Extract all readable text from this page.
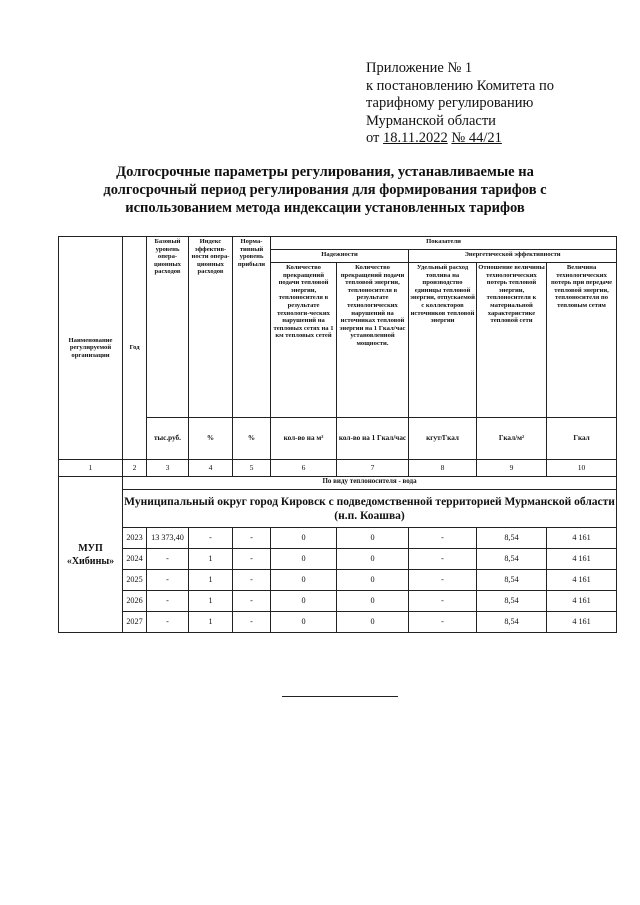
Приложение № 1
к постановлению Комитета по
тарифному регулированию
Мурманской области
от 18.11.2022 № 44/21
Долгосрочные параметры регулирования, устанавливаемые на
долгосрочный период регулирования для формирования тарифов с
использованием метода индексации установленных тарифов
Наименование регулируемой организации	Год	Базовый уровень опера-ционных расходов	Индекс эффектив-ности опера-ционных расходов	Норма-тивный уровень прибыли	Показатели				
					Надежности		Энергетической эффективности		
					Количество прекращений подачи тепловой энергии, теплоносителя в результате технологи-ческих нарушений на тепловых сетях на 1 км тепловых сетей	Количество прекращений подачи тепловой энергии, теплоносителя в результате технологических нарушений на источниках тепловой энергии на 1 Гкал/час установленной мощности.	Удельный расход топлива на производство единицы тепловой энергии, отпускаемой с коллекторов источников тепловой энергии	Отношение величины технологических потерь тепловой энергии, теплоносителя к материальной характеристике тепловой сети	Величина технологических потерь при передаче тепловой энергии, теплоносителя по тепловым сетям
		тыс.руб.	%	%	кол-во на м²	кол-во на 1 Гкал/час	кгут/Гкал	Гкал/м²	Гкал
1	2	3	4	5	6	7	8	9	10
МУП «Хибины»	По виду теплоносителя - вода								
	Муниципальный округ город Кировск с подведомственной территорией Мурманской области (н.п. Коашва)								
	2023	13 373,40	-	-	0	0	-	8,54	4 161
	2024	-	1	-	0	0	-	8,54	4 161
	2025	-	1	-	0	0	-	8,54	4 161
	2026	-	1	-	0	0	-	8,54	4 161
	2027	-	1	-	0	0	-	8,54	4 161
